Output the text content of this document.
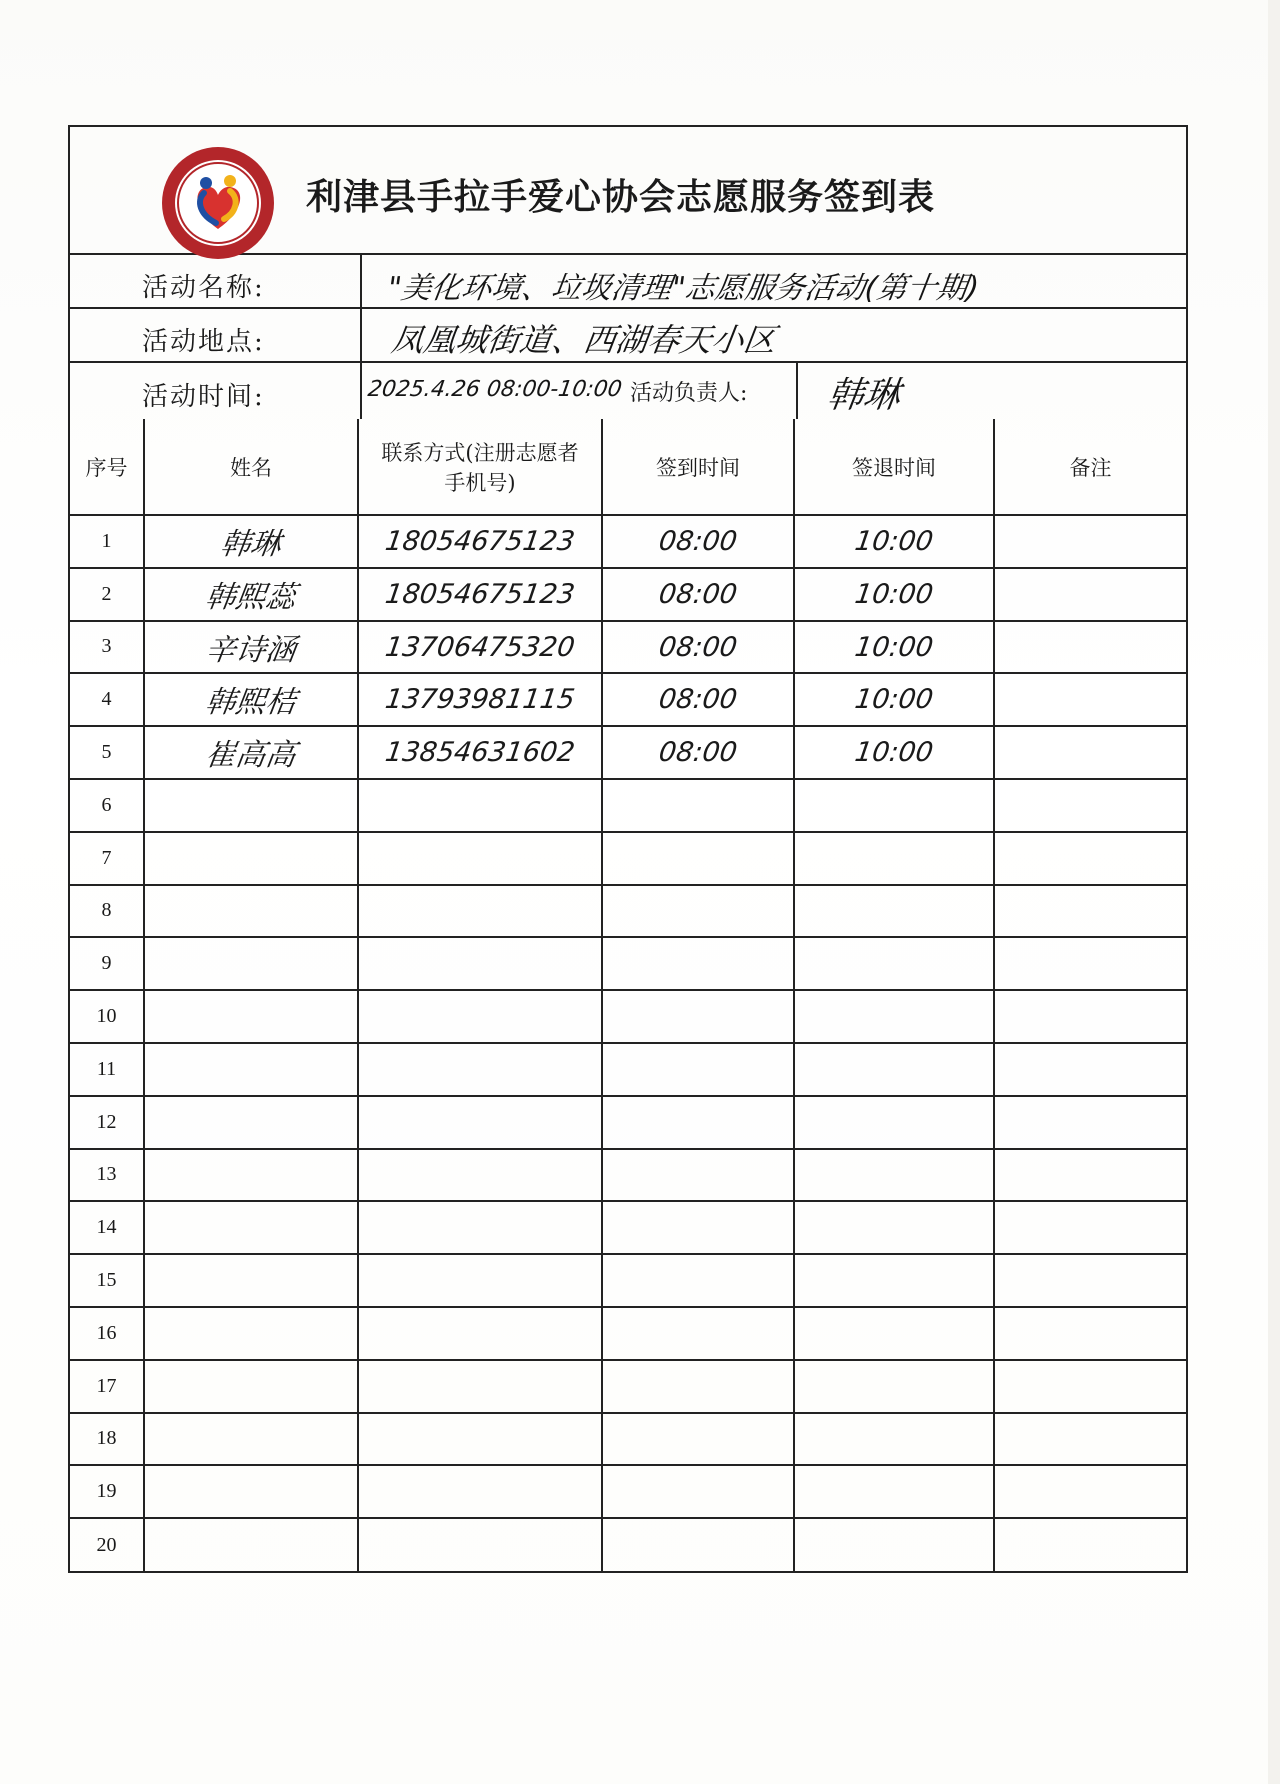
利津县手拉手爱心协会志愿服务签到表
活动名称:	"美化环境、垃圾清理"志愿服务活动(第十期)
活动地点:	凤凰城街道、西湖春天小区
活动时间:	2025.4.26 08:00-10:00 活动负责人: 韩琳
序号	姓名	联系方式(注册志愿者
手机号)	签到时间	签退时间	备注
1	韩琳	18054675123	08:00	10:00	

2	韩熙蕊	18054675123	08:00	10:00	

3	辛诗涵	13706475320	08:00	10:00	

4	韩熙桔	13793981115	08:00	10:00	

5	崔高高	13854631602	08:00	10:00	

6	

7	

8	

9	

10	

11	

12	

13	

14	

15	

16	

17	

18	

19	

20	
